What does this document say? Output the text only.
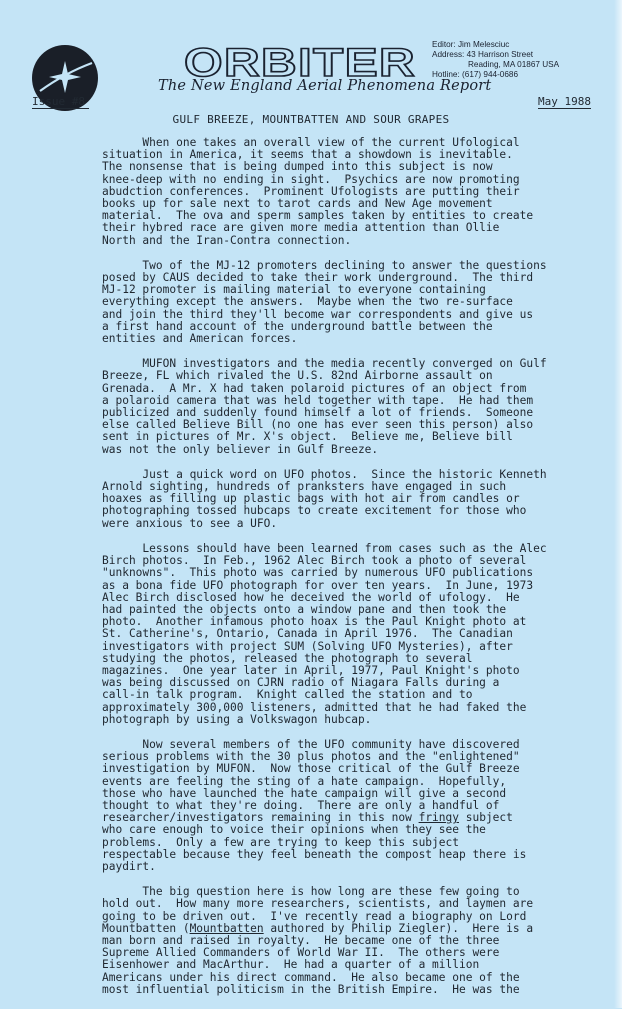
ORBITER
The New England Aerial Phenomena Report
Issue #8	May 1988
Editor: Jim Melesciuc
Address: 43 Harrison Street
Reading, MA 01867 USA
Hotline: (617) 944-0686
GULF BREEZE, MOUNTBATTEN AND SOUR GRAPES

When one takes an overall view of the current Ufological
situation in America, it seems that a showdown is inevitable.
The nonsense that is being dumped into this subject is now
knee-deep with no ending in sight.  Psychics are now promoting
abudction conferences.  Prominent Ufologists are putting their
books up for sale next to tarot cards and New Age movement
material.  The ova and sperm samples taken by entities to create
their hybred race are given more media attention than Ollie
North and the Iran-Contra connection.

Two of the MJ-12 promoters declining to answer the questions
posed by CAUS decided to take their work underground.  The third
MJ-12 promoter is mailing material to everyone containing
everything except the answers.  Maybe when the two re-surface
and join the third they'll become war correspondents and give us
a first hand account of the underground battle between the
entities and American forces.

MUFON investigators and the media recently converged on Gulf
Breeze, FL which rivaled the U.S. 82nd Airborne assault on
Grenada.  A Mr. X had taken polaroid pictures of an object from
a polaroid camera that was held together with tape.  He had them
publicized and suddenly found himself a lot of friends.  Someone
else called Believe Bill (no one has ever seen this person) also
sent in pictures of Mr. X's object.  Believe me, Believe bill
was not the only believer in Gulf Breeze.

Just a quick word on UFO photos.  Since the historic Kenneth
Arnold sighting, hundreds of pranksters have engaged in such
hoaxes as filling up plastic bags with hot air from candles or
photographing tossed hubcaps to create excitement for those who
were anxious to see a UFO.

Lessons should have been learned from cases such as the Alec
Birch photos.  In Feb., 1962 Alec Birch took a photo of several
"unknowns".  This photo was carried by numerous UFO publications
as a bona fide UFO photograph for over ten years.  In June, 1973
Alec Birch disclosed how he deceived the world of ufology.  He
had painted the objects onto a window pane and then took the
photo.  Another infamous photo hoax is the Paul Knight photo at
St. Catherine's, Ontario, Canada in April 1976.  The Canadian
investigators with project SUM (Solving UFO Mysteries), after
studying the photos, released the photograph to several
magazines.  One year later in April, 1977, Paul Knight's photo
was being discussed on CJRN radio of Niagara Falls during a
call-in talk program.  Knight called the station and to
approximately 300,000 listeners, admitted that he had faked the
photograph by using a Volkswagon hubcap.

Now several members of the UFO community have discovered
serious problems with the 30 plus photos and the "enlightened"
investigation by MUFON.  Now those critical of the Gulf Breeze
events are feeling the sting of a hate campaign.  Hopefully,
those who have launched the hate campaign will give a second
thought to what they're doing.  There are only a handful of
researcher/investigators remaining in this now fringy subject
who care enough to voice their opinions when they see the
problems.  Only a few are trying to keep this subject
respectable because they feel beneath the compost heap there is
paydirt.

The big question here is how long are these few going to
hold out.  How many more researchers, scientists, and laymen are
going to be driven out.  I've recently read a biography on Lord
Mountbatten (Mountbatten authored by Philip Ziegler).  Here is a
man born and raised in royalty.  He became one of the three
Supreme Allied Commanders of World War II.  The others were
Eisenhower and MacArthur.  He had a quarter of a million
Americans under his direct command.  He also became one of the
most influential politicism in the British Empire.  He was the
